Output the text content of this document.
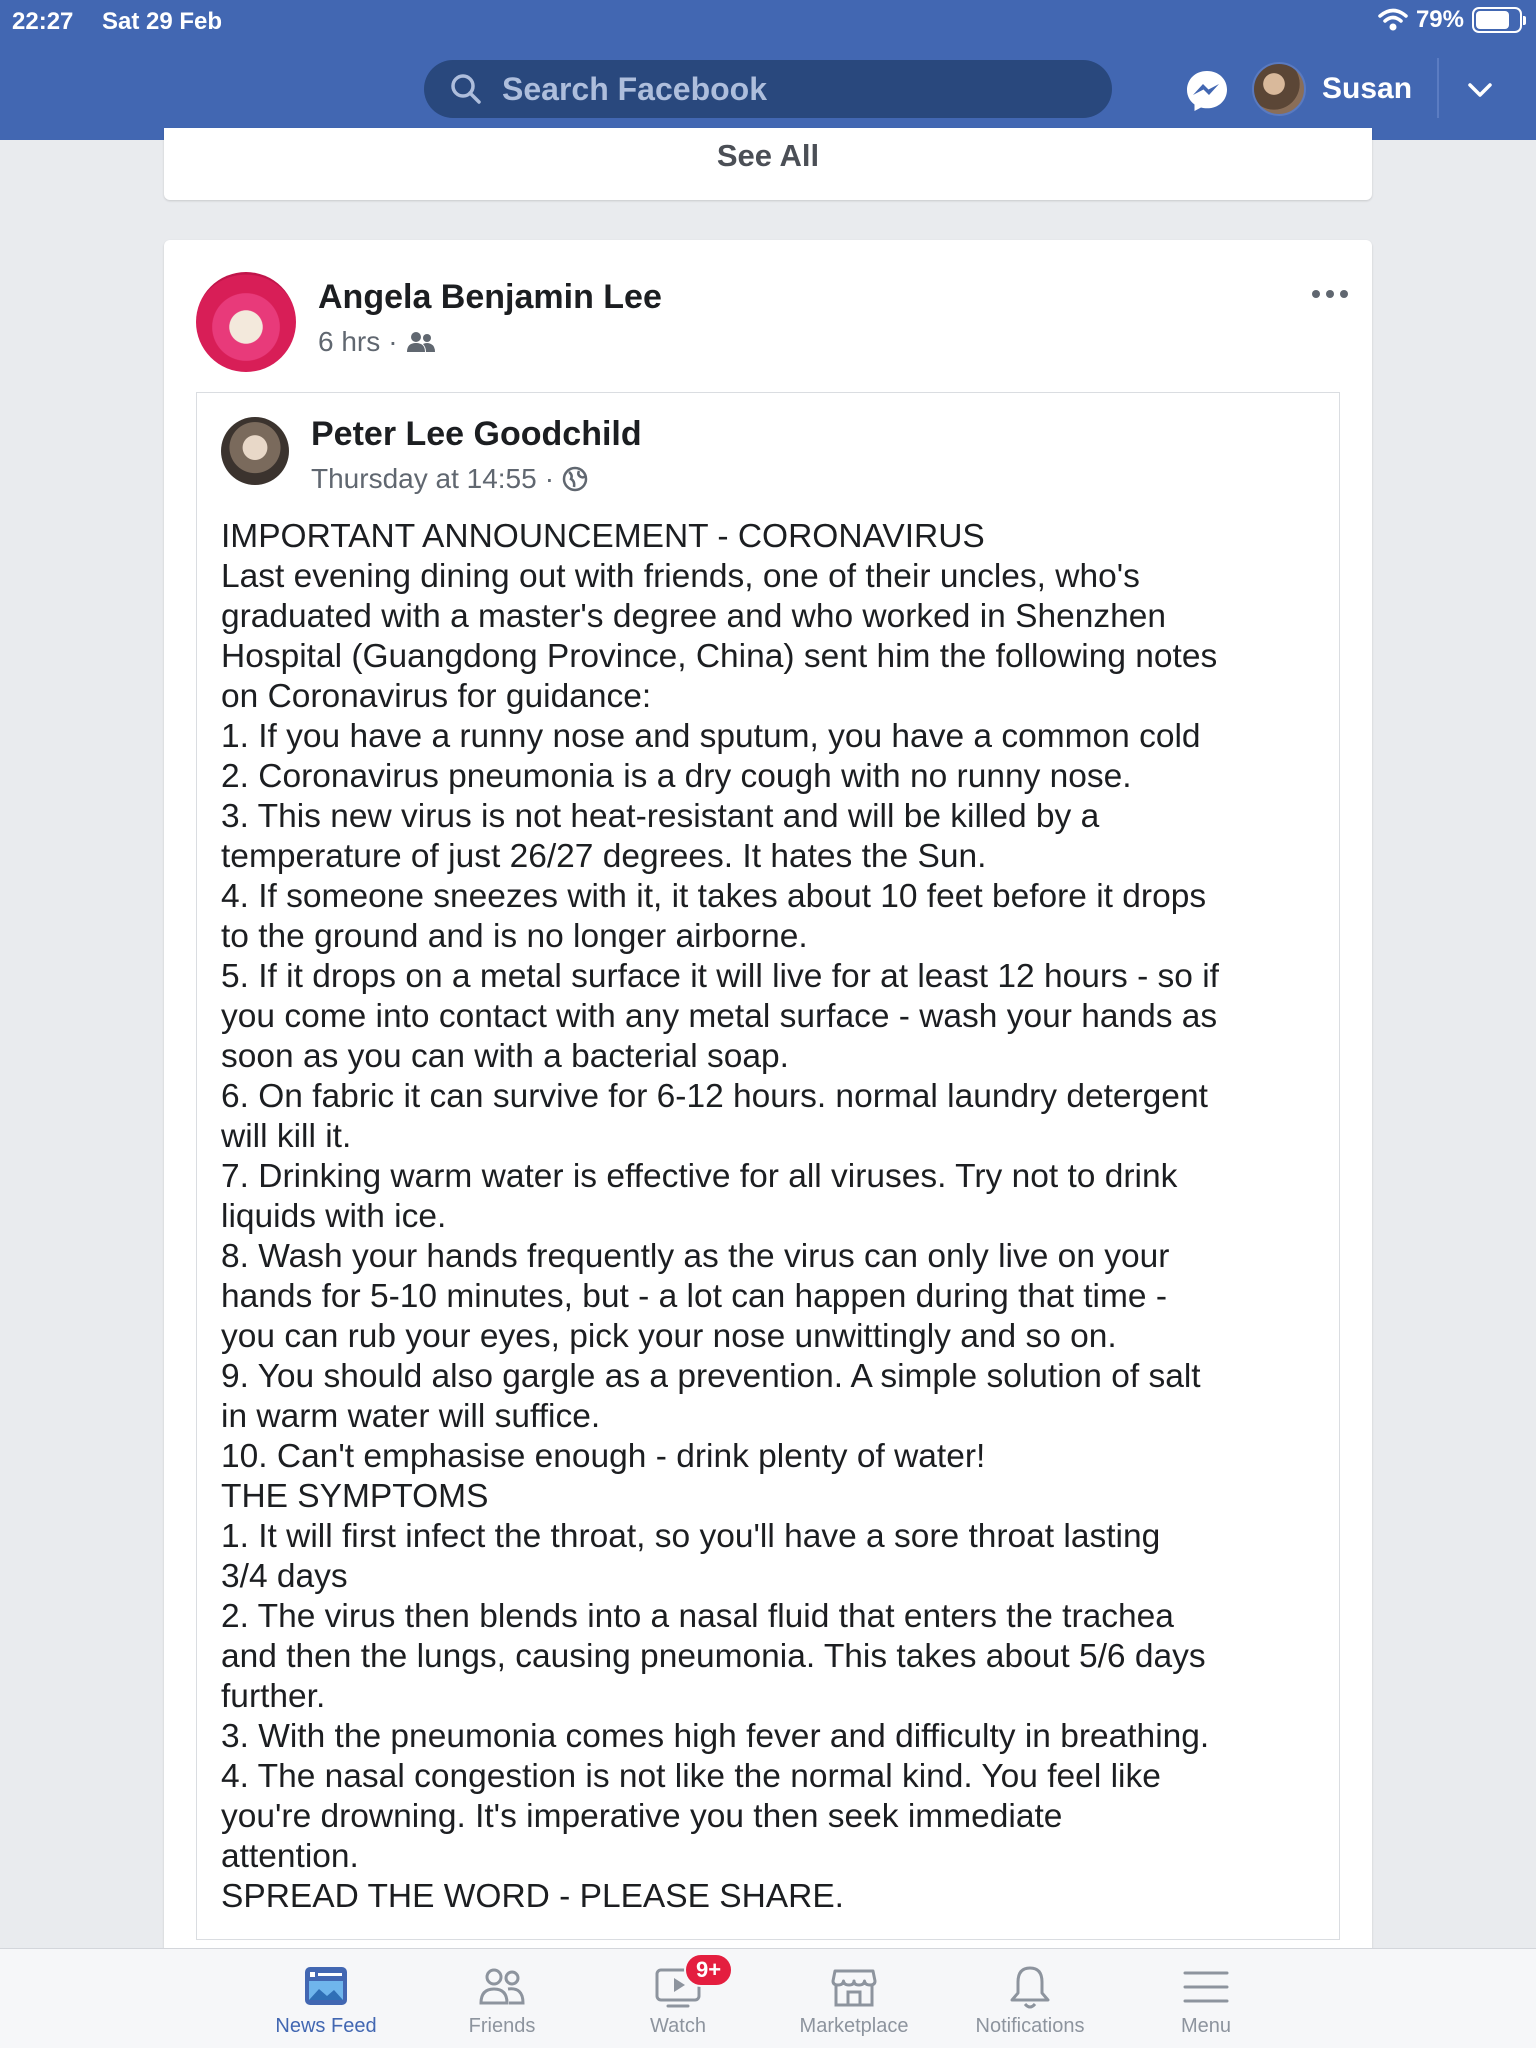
22:27 Sat 29 Feb	79%
Search Facebook
Susan
See All
Angela Benjamin Lee
6 hrs ·
Peter Lee Goodchild
Thursday at 14:55 ·
IMPORTANT ANNOUNCEMENT - CORONAVIRUS
Last evening dining out with friends, one of their uncles, who's
graduated with a master's degree and who worked in Shenzhen
Hospital (Guangdong Province, China) sent him the following notes
on Coronavirus for guidance:
1. If you have a runny nose and sputum, you have a common cold
2. Coronavirus pneumonia is a dry cough with no runny nose.
3. This new virus is not heat-resistant and will be killed by a
temperature of just 26/27 degrees. It hates the Sun.
4. If someone sneezes with it, it takes about 10 feet before it drops
to the ground and is no longer airborne.
5. If it drops on a metal surface it will live for at least 12 hours - so if
you come into contact with any metal surface - wash your hands as
soon as you can with a bacterial soap.
6. On fabric it can survive for 6-12 hours. normal laundry detergent
will kill it.
7. Drinking warm water is effective for all viruses. Try not to drink
liquids with ice.
8. Wash your hands frequently as the virus can only live on your
hands for 5-10 minutes, but - a lot can happen during that time -
you can rub your eyes, pick your nose unwittingly and so on.
9. You should also gargle as a prevention. A simple solution of salt
in warm water will suffice.
10. Can't emphasise enough - drink plenty of water!
THE SYMPTOMS
1. It will first infect the throat, so you'll have a sore throat lasting
3/4 days
2. The virus then blends into a nasal fluid that enters the trachea
and then the lungs, causing pneumonia. This takes about 5/6 days
further.
3. With the pneumonia comes high fever and difficulty in breathing.
4. The nasal congestion is not like the normal kind. You feel like
you're drowning. It's imperative you then seek immediate
attention.
SPREAD THE WORD - PLEASE SHARE.
News Feed	Friends
9+
Watch	Marketplace	Notifications	Menu
